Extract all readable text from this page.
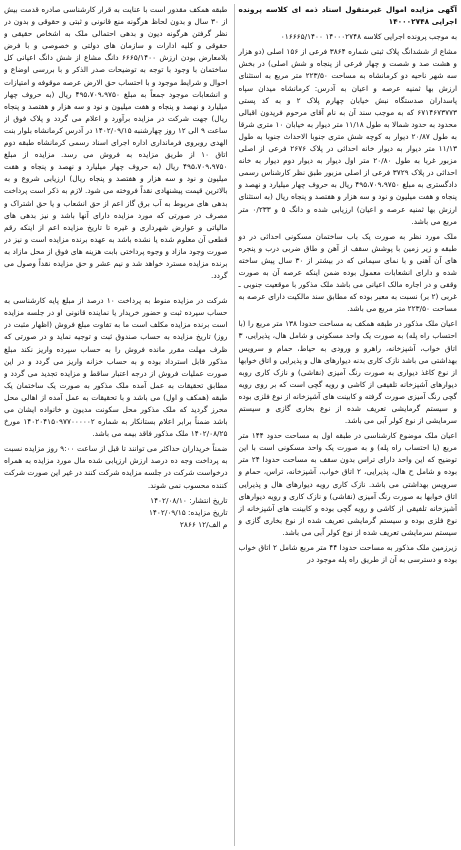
آگهی مزایده اموال غیرمنقول اسناد ذمه ای کلاسه پرونده اجرایی ۱۴۰۰۰۲۷۴۸

به موجب پرونده اجرایی کلاسه ۱۴۰۰۰۲۷۴۸ ۰۱۶۶۶۵/۱۴۰۰

مشاع از ششدانگ پلاک ثبتی شماره ۳۸۶۴ فرعی از ۱۵۶ اصلی (دو هزار و هشت صد و شصت و چهار فرعی از پنجاه و شش اصلی) در بخش سه شهر ناحیه دو کرمانشاه به مساحت ۲۲۳/۵۰ متر مربع به استثنای ارزش بها ثمنیه عرصه و اعیان به آدرس: کرمانشاه میدان سپاه پاسداران صدستگاه نبش خیابان چهارم پلاک ۲ و به کد پستی ۶۷۱۴۶۷۳۷۷۳ که به موجب سند آن به نام آقای مرحوم فریدون اقبالی محدود به حدود شمالا به طول ۱۱/۱۸ متر دیوار به خیابان ۱۰ متری شرقا به طول ۲۰/۸۷ دیوار به کوچه شش متری جنوبا الاحداث جنوبا به طول ۱۱/۱۳ متر دیوار به دیوار خانه احداثی در پلاک ۲۶۷۶ فرعی از اصلی مزبور غربا به طول ۲۰/۸۰ متر اول دیوار به دیوار دوم دیوار به خانه احداثی در پلاک ۳۷۲۹ فرعی از اصلی مزبور طبق نظر کارشناس رسمی دادگستری به مبلغ ۴۹۵،۷۰۹،۹۷۵۰ ریال به حروف چهار میلیارد و نهصد و پنجاه و هفت میلیون و نود و سه هزار و هفتصد و پنجاه ریال (به استثنای ارزش بها ثمنیه عرصه و اعیان) ارزیابی شده و دانگ ۵ و ۰/۲۳۳ متر مربع می باشد.

ملک مورد نظر به صورت یک باب ساختمان مسکونی احداثی در دو طبقه و زیر زمین با پوشش سقف از آهن و طاق ضربی درب و پنجره های آن آهنی و با نمای سیمانی که در بیشتر از ۳۰ سال پیش ساخته شده و دارای انشعابات معمول بوده ضمن اینکه عرصه آن به صورت وقفی و در اجاره مالک اعیانی می باشد ملک مذکور با موقعیت جنوبی ـ غربی (۲ بر) نسبت به معبر بوده که مطابق سند مالکیت دارای عرصه به مساحت ۲۲۳/۵۰ متر مربع می باشد.

اعیان ملک مذکور در طبقه همکف به مساحت حدودا ۱۳۸ متر مربع را (با احتساب راه پله) به صورت یک واحد مسکونی و شامل هال، پذیرایی، ۳ اتاق خواب، آشپزخانه، راهرو و ورودی به حیاط، حمام و سرویس بهداشتی می باشد نازک کاری بدنه دیوارهای هال و پذیرایی و اتاق خوابها از نوع کاغذ دیواری به صورت رنگ آمیزی (نقاشی) و نازک کاری روبه دیوارهای آشپزخانه تلفیقی از کاشی و رویه گچی است که بر روی رویه گچی رنگ آمیزی صورت گرفته و کابینت های آشپزخانه از نوع فلزی بوده و سیستم گرمایشی تعریف شده از نوع بخاری گازی و سیستم سرمایشی از نوع کولر آبی می باشد.

اعیان ملک موضوع کارشناسی در طبقه اول به مساحت حدود ۱۴۴ متر مربع (با احتساب راه پله) و به صورت یک واحد مسکونی است با این توضیح که این واحد دارای تراس بدون سقف به مساحت حدودا ۲۴ متر بوده و شامل ح هال، پذیرایی، ۲ اتاق خواب، آشپزخانه، تراس، حمام و سرویس بهداشتی می باشد. نازک کاری رویه دیوارهای هال و پذیرایی اتاق خوابها به صورت رنگ آمیزی (نقاشی) و نازک کاری و رویه دیوارهای آشپزخانه تلفیقی از کاشی و رویه گچی بوده و کابینت های آشپزخانه از نوع فلزی بوده و سیستم گرمایشی تعریف شده از نوع بخاری گازی و سیستم سرمایشی تعریف شده از نوع کولر آبی می باشد.

زیرزمین ملک مذکور به مساحت حدودا ۴۴ متر مربع شامل ۲ اتاق خواب بوده و دسترسی به آن از طریق راه پله موجود در

طبقه همکف مقدور است با عنایت به قرار کارشناسی صادره قدمت بیش از ۳۰ سال و بدون لحاظ هرگونه منع قانونی و ثبتی و حقوقی و بدون در نظر گرفتن هرگونه دیون و بدهی احتمالی ملک به اشخاص حقیقی و حقوقی و کلیه ادارات و سازمان های دولتی و خصوصی و با فرض بلامعارض بودن ارزش ۶۶۶۵/۱۴۰۰ دانگ مشاع از شش دانگ اعیانی کل ساختمان با وجود با توجه به توضیحات صدر الذکر و با بررسی اوضاع و احوال و شرایط موجود و با احتساب حق الارض عرصه موقوفه و امتیازات و انشعابات موجود جمعاً به مبلغ ۴۹۵،۷۰۹،۹۷۵۰ ریال (به حروف چهار میلیارد و نهصد و پنجاه و هفت میلیون و نود و سه هزار و هفتصد و پنجاه ریال) جهت شرکت در مزایده برآورد و اعلام می گردد و پلاک فوق از ساعت ۹ الی ۱۲ روز چهارشنبه ۱۴۰۲/۰۹/۱۵ در آدرس کرمانشاه بلوار بنت الهدی روبروی فرمانداری اداره اجرای اسناد رسمی کرمانشاه طبقه دوم اتاق ۱۰ از طریق مزایده به فروش می رسد. مزایده از مبلغ ۴۹۵،۷۰۹،۹۷۵۰ ریال (به حروف چهار میلیارد و نهصد و پنجاه و هفت میلیون و نود و سه هزار و هفتصد و پنجاه ریال) ارزیابی شروع و به بالاترین قیمت پیشنهادی نقداً فروخته می شود. لازم به ذکر است پرداخت بدهی های مربوط به آب برق گاز اعم از حق انشعاب و یا حق اشتراک و مصرف در صورتی که مورد مزایده دارای آنها باشد و نیز بدهی های مالیاتی و عوارض شهرداری و غیره تا تاریخ مزایده اعم از اینکه رقم قطعی آن معلوم شده یا نشده باشد به عهده برنده مزایده است و نیز در صورت وجود مازاد و وجوه پرداختی بابت هزینه های فوق از محل مازاد به برنده مزایده مسترد خواهد شد و نیم عشر و حق مزایده نقداً وصول می گردد.

شرکت در مزایده منوط به پرداخت ۱۰ درصد از مبلغ پایه کارشناسی به حساب سپرده ثبت و حضور خریدار یا نماینده قانونی او در جلسه مزایده است برنده مزایده مکلف است ما به تفاوت مبلغ فروش (اظهار مثبت در روز) تاریخ مزایده به حساب صندوق ثبت و توجیه نماید و در صورتی که ظرف مهلت مقرر مانده فروش را به حساب سپرده واریز نکند مبلغ مذکور قابل استرداد بوده و به حساب خزانه واریز می گردد و در این صورت عملیات فروش از درجه اعتبار ساقط و مزایده تجدید می گردد و مطابق تحقیقات به عمل آمده ملک مذکور به صورت یک ساختمان یک طبقه (همکف و اول) می باشد و با تحقیقات به عمل آمده از اهالی محل محرز گردید که ملک مذکور محل سکونت مدیون و خانواده ایشان می باشد ضمناً برابر اعلام بستانکار به شماره ۱۴۰۲۰۴۱۵۰۹۷۷۰۰۰۰۰۲ مورخ ۱۴۰۲/۰۸/۲۵ ملک مذکور فاقد بیمه می باشد.

ضمناً خریداران حداکثر می توانند تا قبل از ساعت ۹:۰۰ روز مزایده نسبت به پرداخت وجه ده درصد ارزش ارزیابی شده مال مورد مزایده به همراه درخواست شرکت در جلسه مزایده شرکت کنند در غیر این صورت شرکت کننده محسوب نمی شوند.

تاریخ انتشار: ۱۴۰۲/۰۸/۱۰

تاریخ مزایده: ۱۴۰۲/۰۹/۱۵

م الف/۱۲ ۲۸۶۶
